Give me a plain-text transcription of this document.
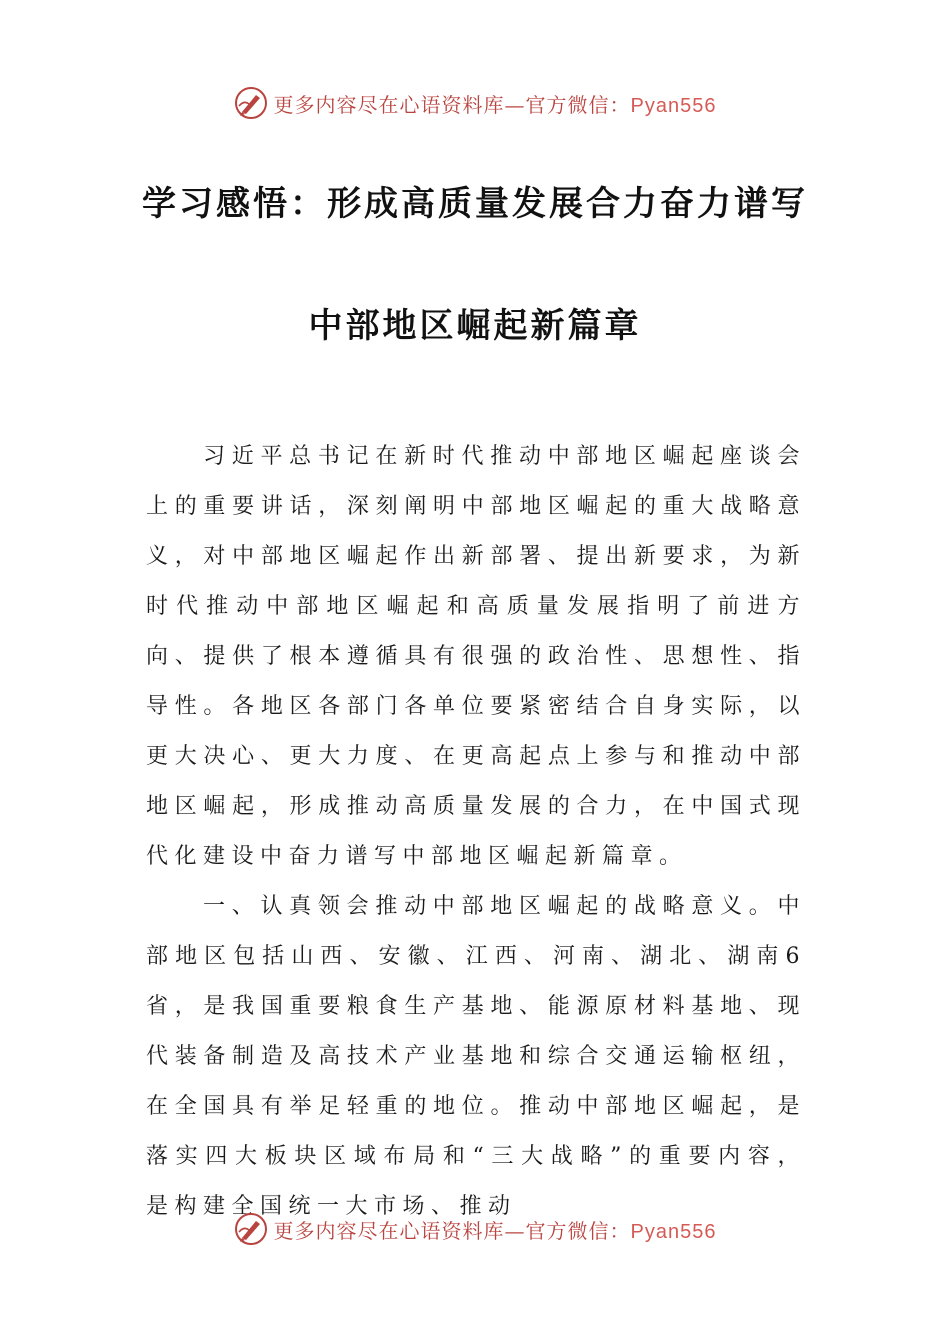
更多内容尽在心语资料库—官方微信：Pyan556
学习感悟：形成高质量发展合力奋力谱写
中部地区崛起新篇章

习近平总书记在新时代推动中部地区崛起座谈会上的重要讲话，深刻阐明中部地区崛起的重大战略意义，对中部地区崛起作出新部署、提出新要求，为新时代推动中部地区崛起和高质量发展指明了前进方向、提供了根本遵循具有很强的政治性、思想性、指导性。各地区各部门各单位要紧密结合自身实际，以更大决心、更大力度、在更高起点上参与和推动中部地区崛起，形成推动高质量发展的合力，在中国式现代化建设中奋力谱写中部地区崛起新篇章。

一、认真领会推动中部地区崛起的战略意义。中部地区包括山西、安徽、江西、河南、湖北、湖南6省，是我国重要粮食生产基地、能源原材料基地、现代装备制造及高技术产业基地和综合交通运输枢纽，在全国具有举足轻重的地位。推动中部地区崛起，是落实四大板块区域布局和“三大战略”的重要内容，是构建全国统一大市场、推动

更多内容尽在心语资料库—官方微信：Pyan556
